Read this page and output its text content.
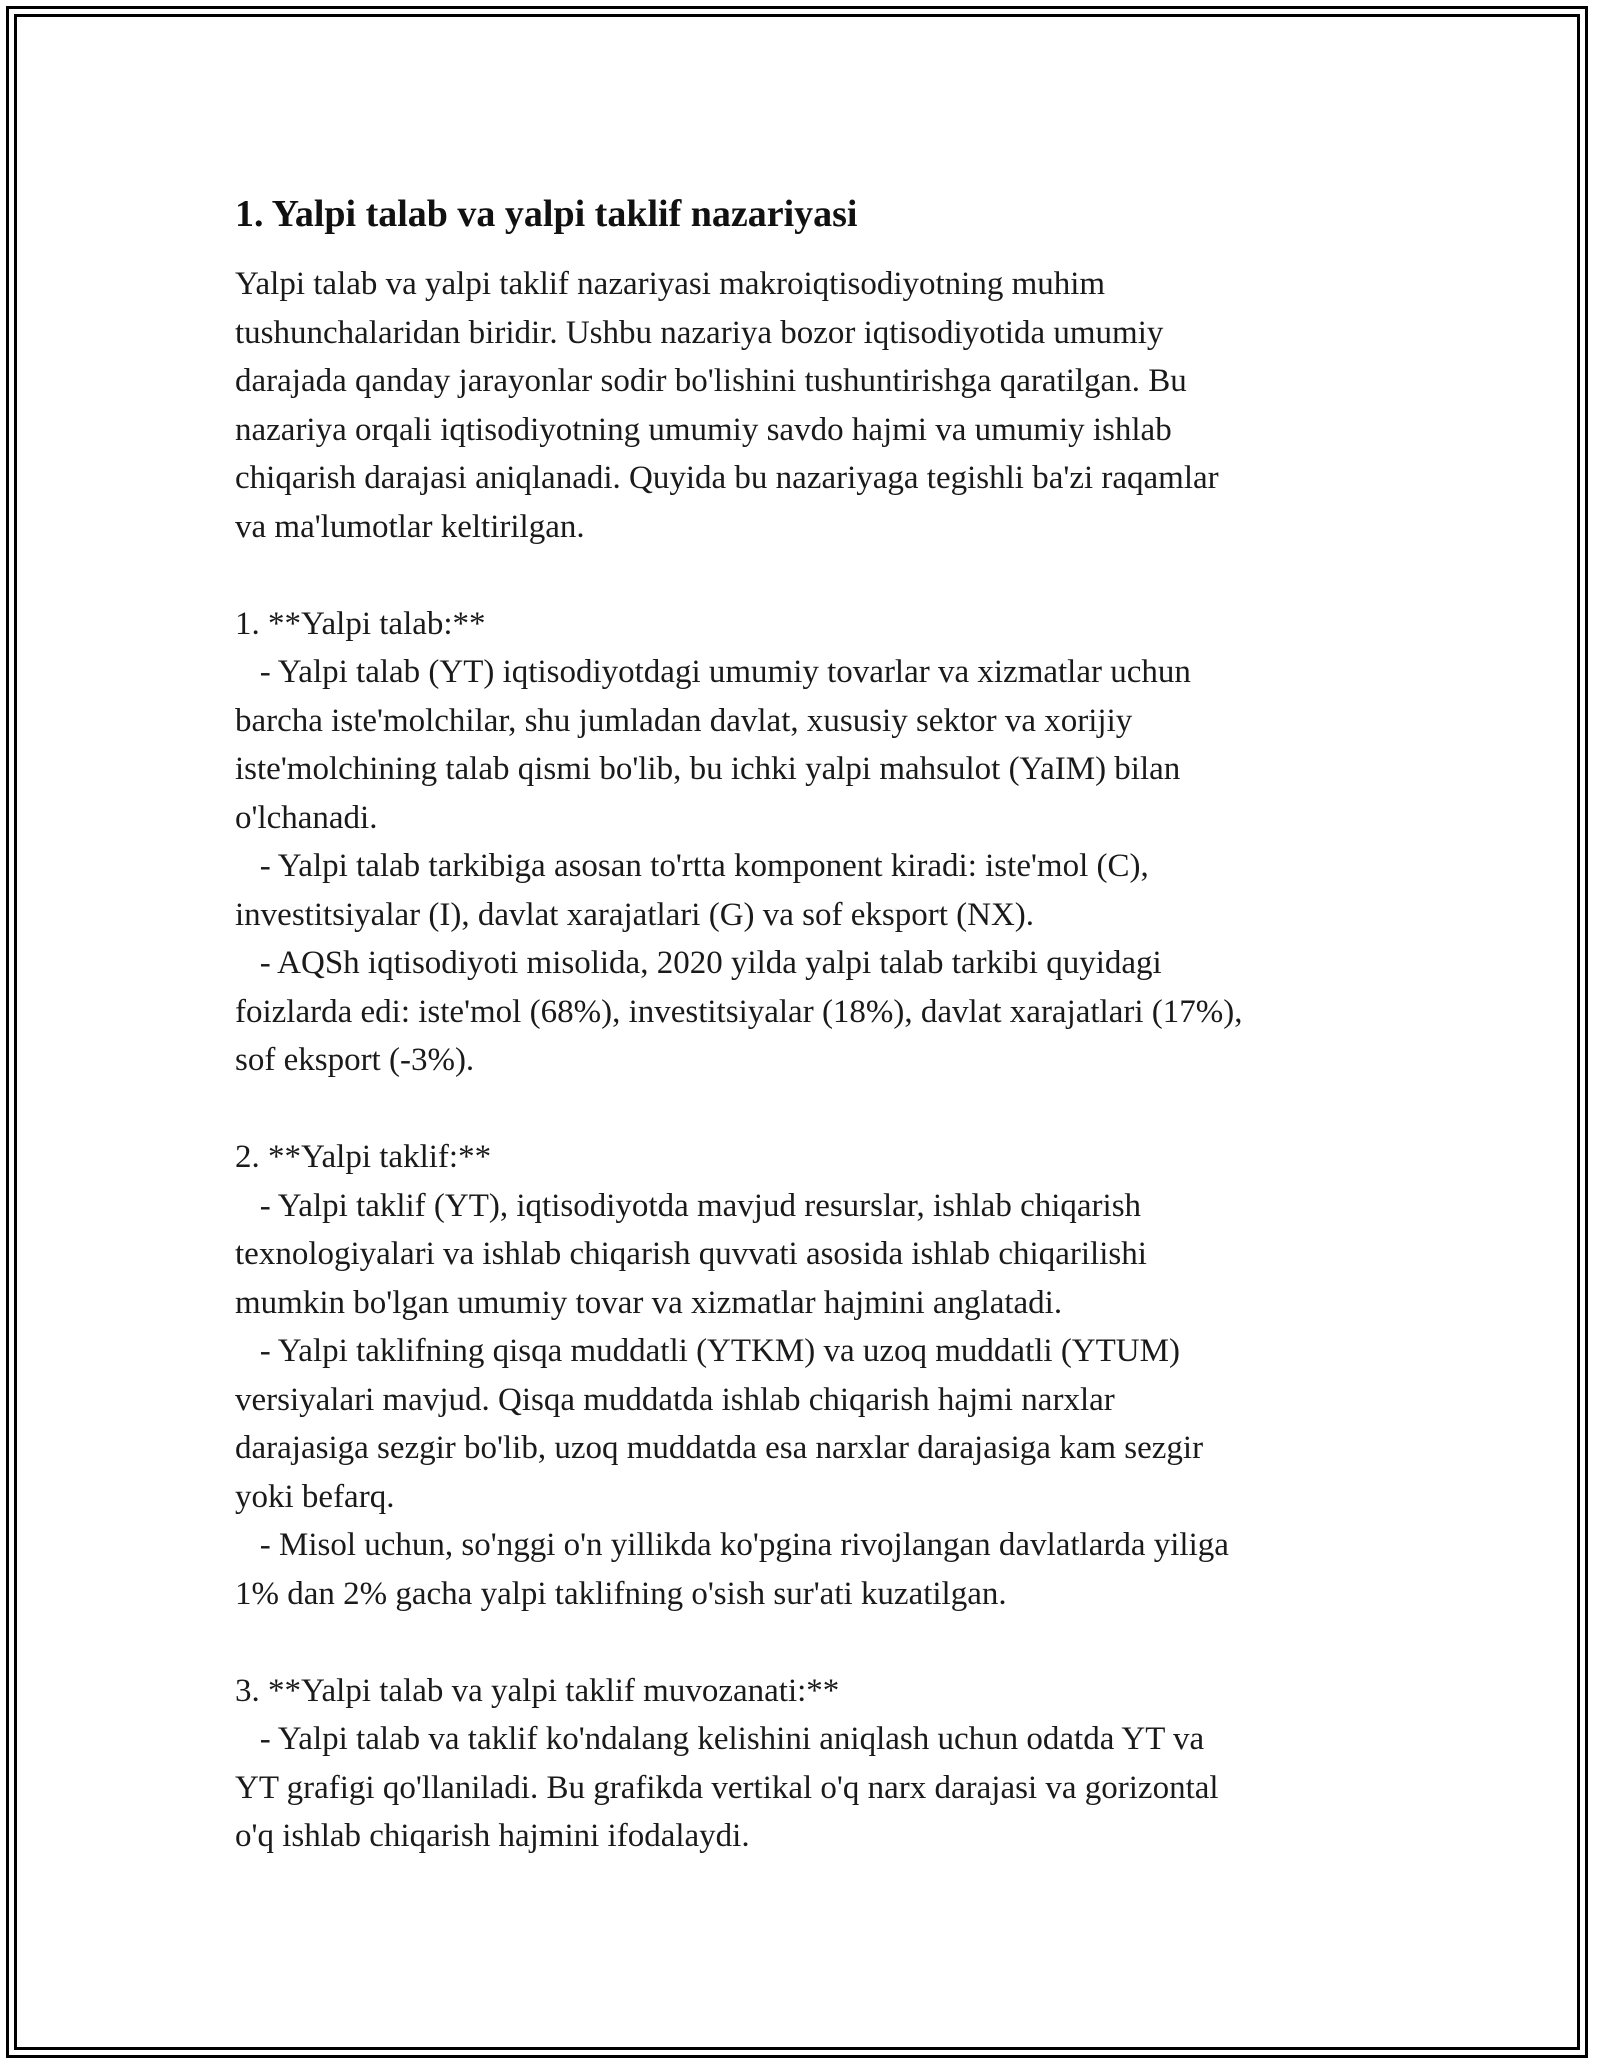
1. Yalpi talab va yalpi taklif nazariyasi
Yalpi talab va yalpi taklif nazariyasi makroiqtisodiyotning muhim
tushunchalaridan biridir. Ushbu nazariya bozor iqtisodiyotida umumiy
darajada qanday jarayonlar sodir bo'lishini tushuntirishga qaratilgan. Bu
nazariya orqali iqtisodiyotning umumiy savdo hajmi va umumiy ishlab
chiqarish darajasi aniqlanadi. Quyida bu nazariyaga tegishli ba'zi raqamlar
va ma'lumotlar keltirilgan.

1. **Yalpi talab:**
- Yalpi talab (YT) iqtisodiyotdagi umumiy tovarlar va xizmatlar uchun
barcha iste'molchilar, shu jumladan davlat, xususiy sektor va xorijiy
iste'molchining talab qismi bo'lib, bu ichki yalpi mahsulot (YaIM) bilan
o'lchanadi.
- Yalpi talab tarkibiga asosan to'rtta komponent kiradi: iste'mol (C),
investitsiyalar (I), davlat xarajatlari (G) va sof eksport (NX).
- AQSh iqtisodiyoti misolida, 2020 yilda yalpi talab tarkibi quyidagi
foizlarda edi: iste'mol (68%), investitsiyalar (18%), davlat xarajatlari (17%),
sof eksport (-3%).

2. **Yalpi taklif:**
- Yalpi taklif (YT), iqtisodiyotda mavjud resurslar, ishlab chiqarish
texnologiyalari va ishlab chiqarish quvvati asosida ishlab chiqarilishi
mumkin bo'lgan umumiy tovar va xizmatlar hajmini anglatadi.
- Yalpi taklifning qisqa muddatli (YTKM) va uzoq muddatli (YTUM)
versiyalari mavjud. Qisqa muddatda ishlab chiqarish hajmi narxlar
darajasiga sezgir bo'lib, uzoq muddatda esa narxlar darajasiga kam sezgir
yoki befarq.
- Misol uchun, so'nggi o'n yillikda ko'pgina rivojlangan davlatlarda yiliga
1% dan 2% gacha yalpi taklifning o'sish sur'ati kuzatilgan.

3. **Yalpi talab va yalpi taklif muvozanati:**
- Yalpi talab va taklif ko'ndalang kelishini aniqlash uchun odatda YT va
YT grafigi qo'llaniladi. Bu grafikda vertikal o'q narx darajasi va gorizontal
o'q ishlab chiqarish hajmini ifodalaydi.
